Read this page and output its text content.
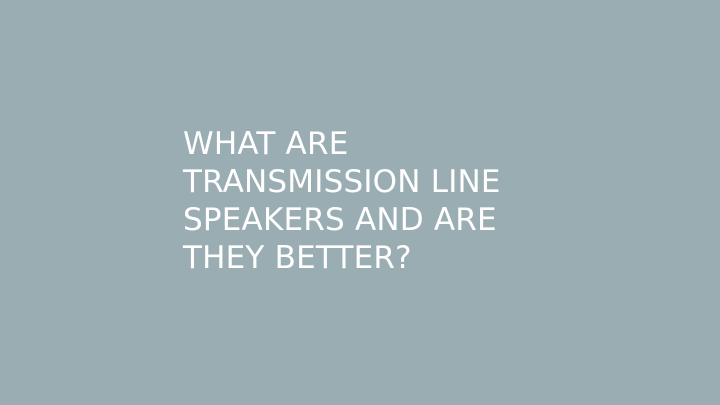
WHAT ARE
TRANSMISSION LINE
SPEAKERS AND ARE
THEY BETTER?
